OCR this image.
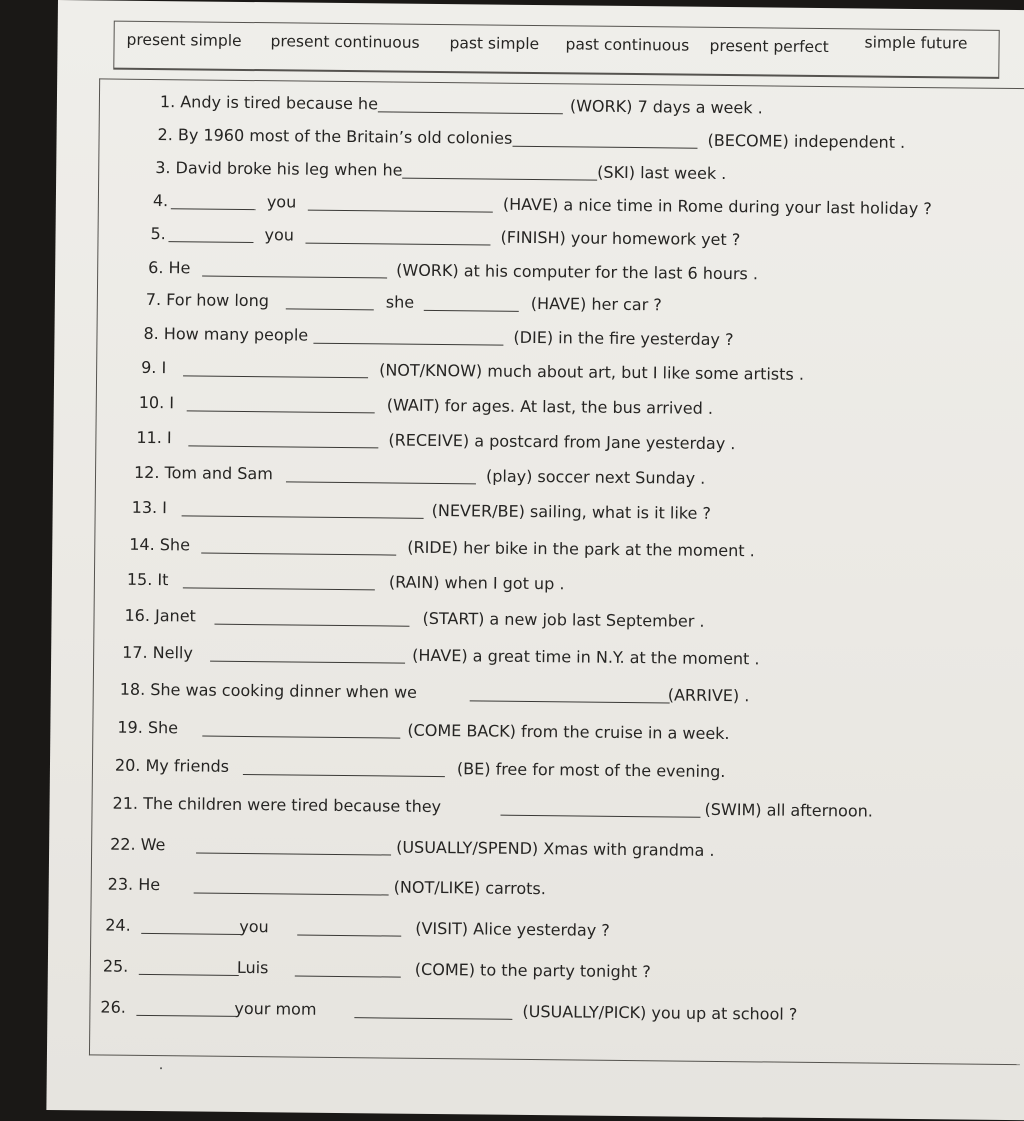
present simple present continuous past simple past continuous present perfect simple future
1. Andy is tired because he	(WORK) 7 days a week .
2. By 1960 most of the Britain’s old colonies	(BECOME) independent .
3. David broke his leg when he	(SKI) last week .
4.	you	(HAVE) a nice time in Rome during your last holiday ?
5.	you	(FINISH) your homework yet ?
6. He	(WORK) at his computer for the last 6 hours .
7. For how long	she	(HAVE) her car ?
8. How many people	(DIE) in the fire yesterday ?
9. I	(NOT/KNOW) much about art, but I like some artists .
10. I	(WAIT) for ages. At last, the bus arrived .
11. I	(RECEIVE) a postcard from Jane yesterday .
12. Tom and Sam	(play) soccer next Sunday .
13. I	(NEVER/BE) sailing, what is it like ?
14. She	(RIDE) her bike in the park at the moment .
15. It	(RAIN) when I got up .
16. Janet	(START) a new job last September .
17. Nelly	(HAVE) a great time in N.Y. at the moment .
18. She was cooking dinner when we	(ARRIVE) .
19. She	(COME BACK) from the cruise in a week.
20. My friends	(BE) free for most of the evening.
21. The children were tired because they	(SWIM) all afternoon.
22. We	(USUALLY/SPEND) Xmas with grandma .
23. He	(NOT/LIKE) carrots.
24.	you	(VISIT) Alice yesterday ?
25.	Luis	(COME) to the party tonight ?
26.	your mom	(USUALLY/PICK) you up at school ?
·
